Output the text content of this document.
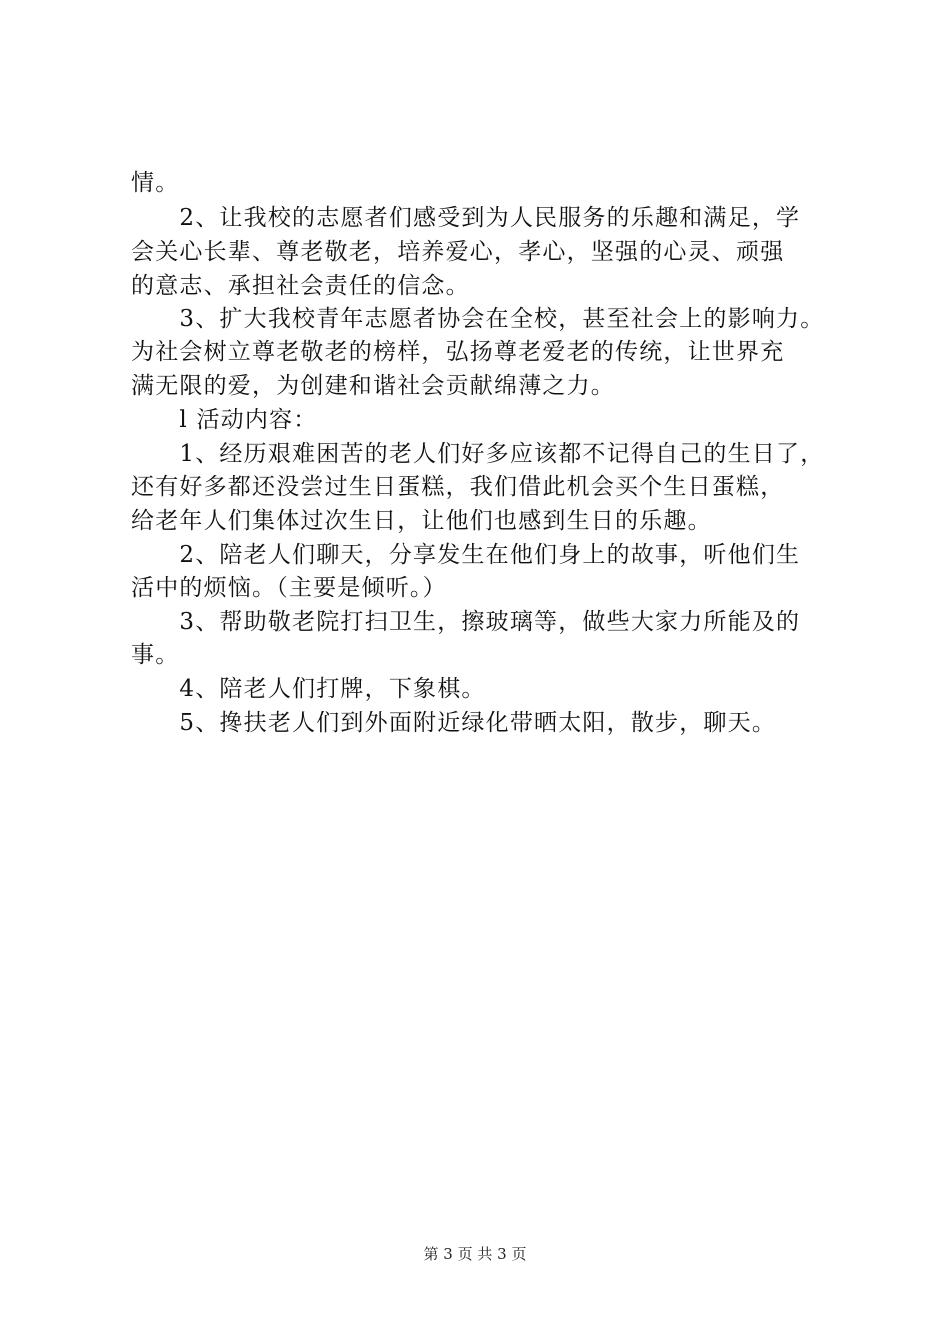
情。
　　2、让我校的志愿者们感受到为人民服务的乐趣和满足，学
会关心长辈、尊老敬老，培养爱心，孝心，坚强的心灵、顽强
的意志、承担社会责任的信念。
　　3、扩大我校青年志愿者协会在全校，甚至社会上的影响力。
为社会树立尊老敬老的榜样，弘扬尊老爱老的传统，让世界充
满无限的爱，为创建和谐社会贡献绵薄之力。
　　l 活动内容：
　　1、经历艰难困苦的老人们好多应该都不记得自己的生日了，
还有好多都还没尝过生日蛋糕，我们借此机会买个生日蛋糕，
给老年人们集体过次生日，让他们也感到生日的乐趣。
　　2、陪老人们聊天，分享发生在他们身上的故事，听他们生
活中的烦恼。（主要是倾听。）
　　3、帮助敬老院打扫卫生，擦玻璃等，做些大家力所能及的
事。
　　4、陪老人们打牌，下象棋。
　　5、搀扶老人们到外面附近绿化带晒太阳，散步，聊天。
第 3 页 共 3 页
